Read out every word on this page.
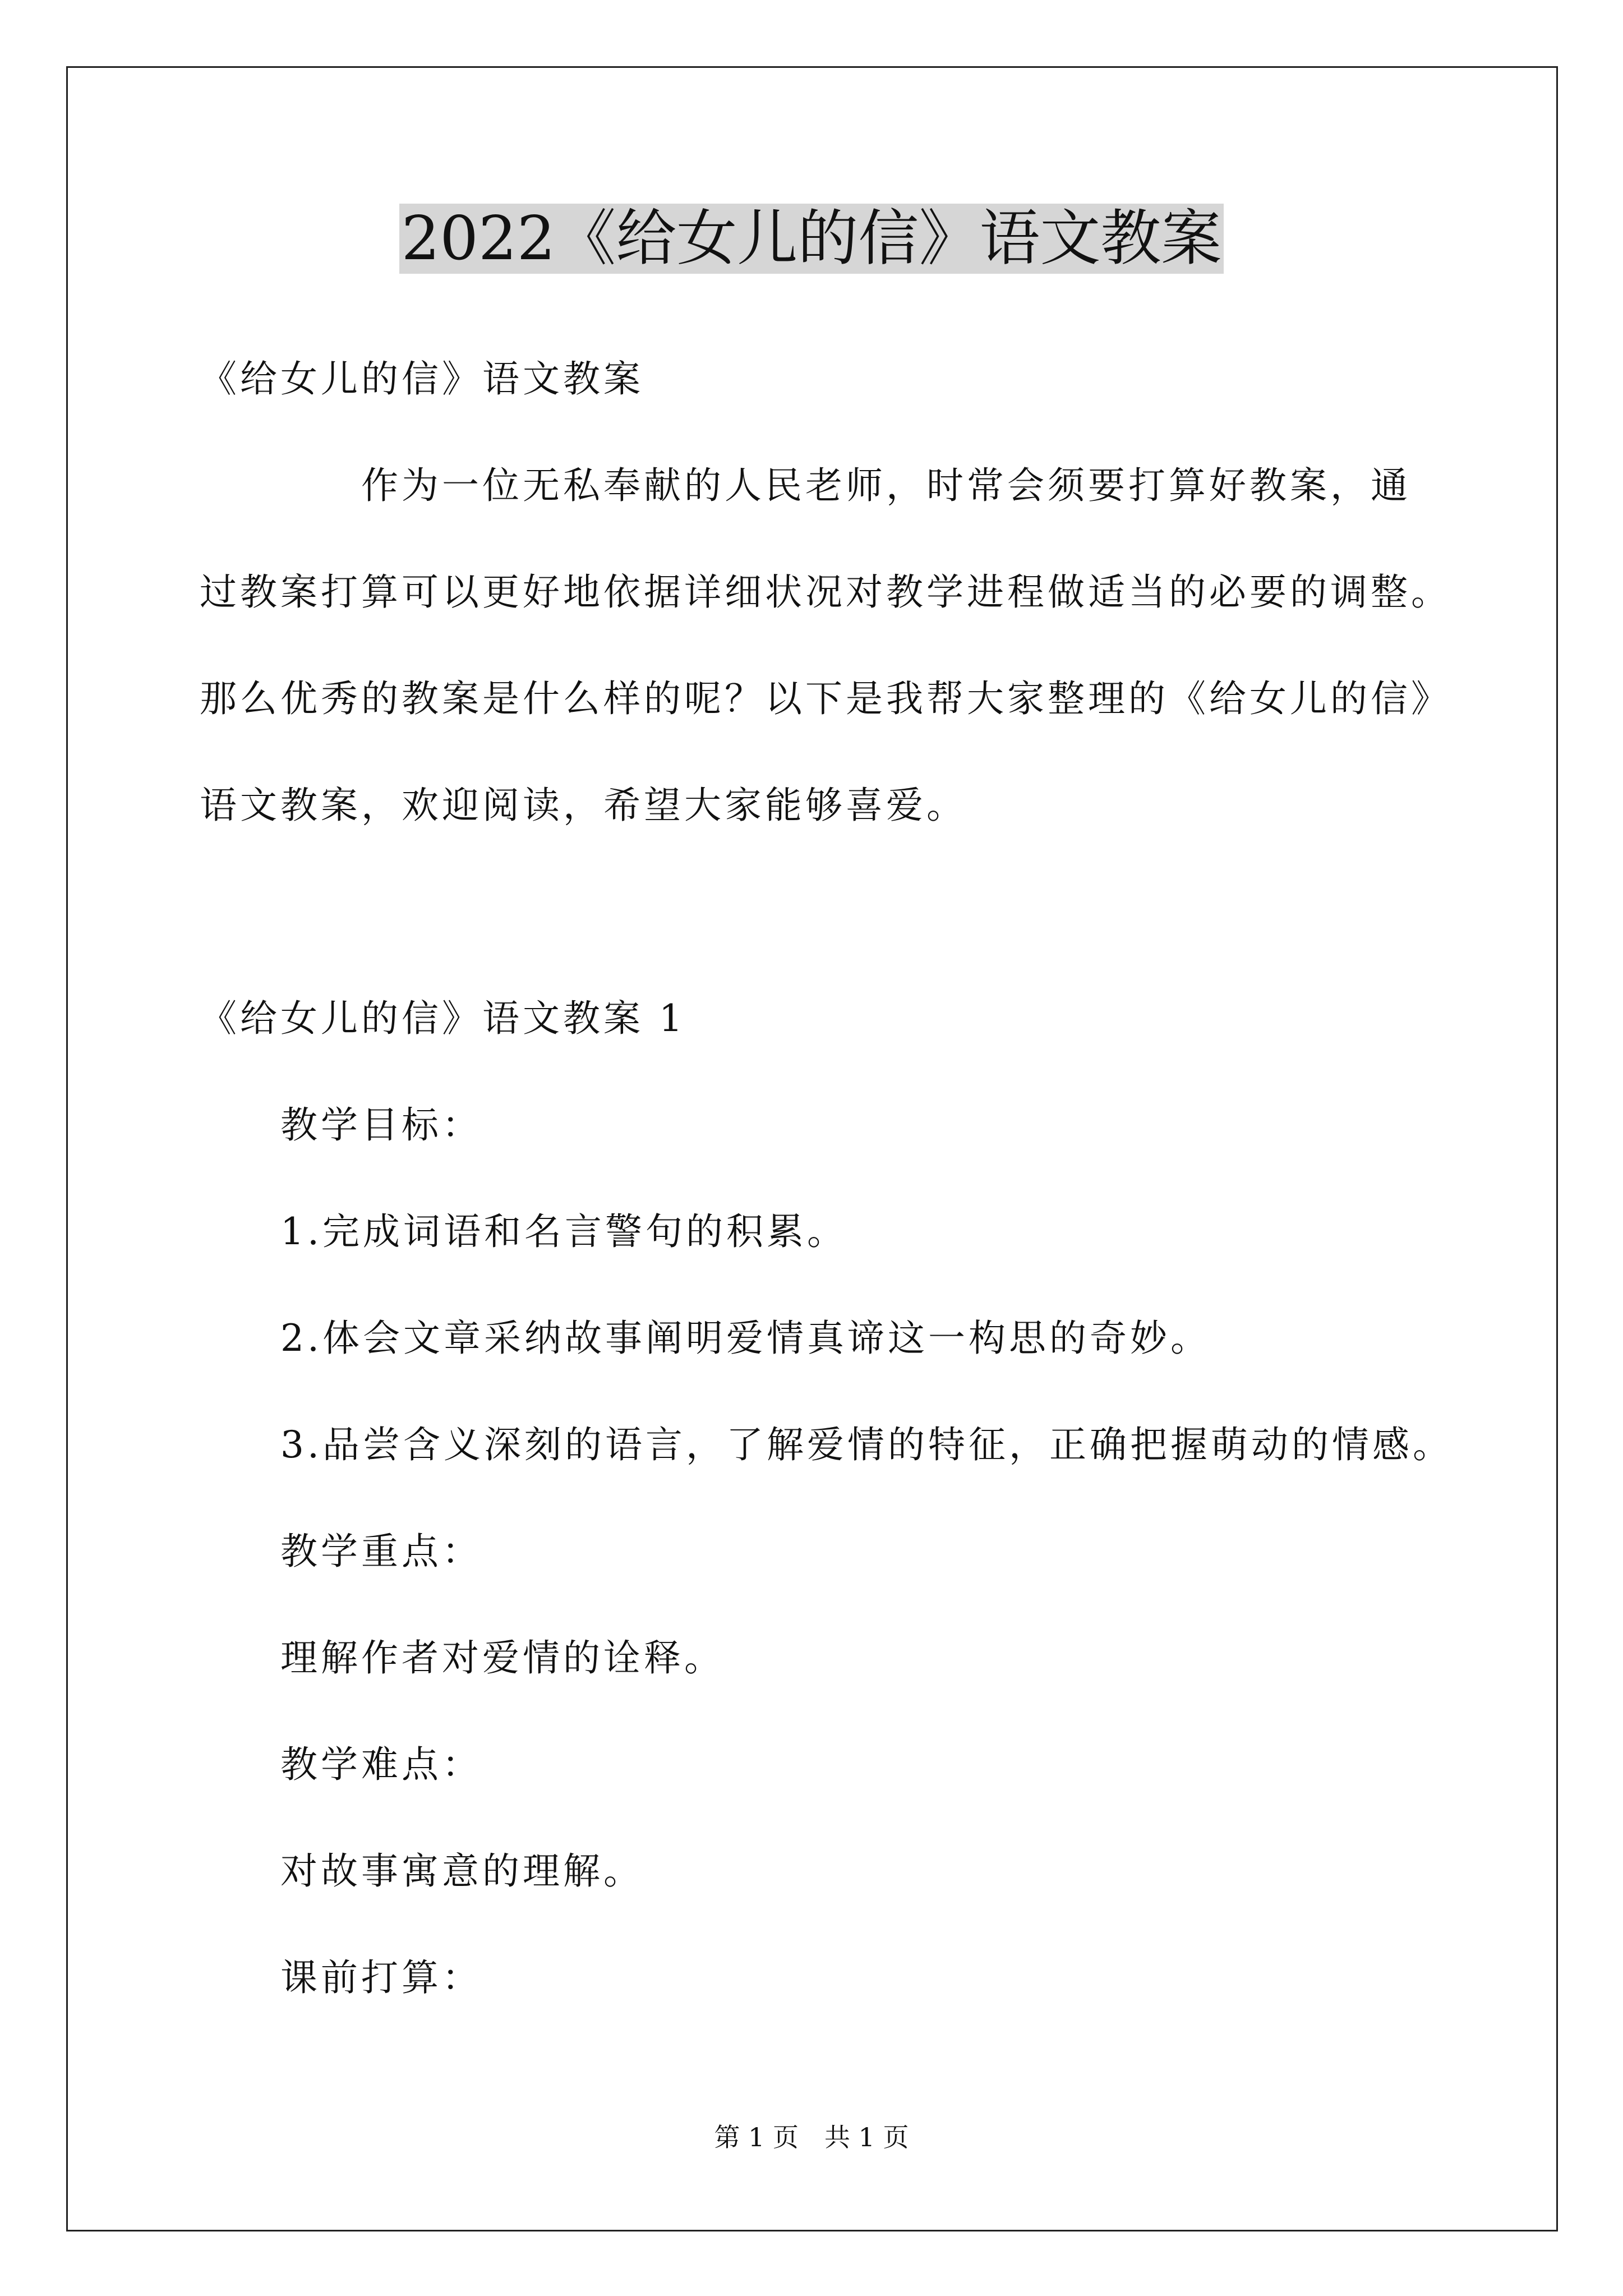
2022《给女儿的信》语文教案
《给女儿的信》语文教案
作为一位无私奉献的人民老师，时常会须要打算好教案，通
过教案打算可以更好地依据详细状况对教学进程做适当的必要的调整。
那么优秀的教案是什么样的呢？以下是我帮大家整理的《给女儿的信》
语文教案，欢迎阅读，希望大家能够喜爱。
《给女儿的信》语文教案 1
教学目标：
1.完成词语和名言警句的积累。
2.体会文章采纳故事阐明爱情真谛这一构思的奇妙。
3.品尝含义深刻的语言，了解爱情的特征，正确把握萌动的情感。
教学重点：
理解作者对爱情的诠释。
教学难点：
对故事寓意的理解。
课前打算：
第 1 页　共 1 页
